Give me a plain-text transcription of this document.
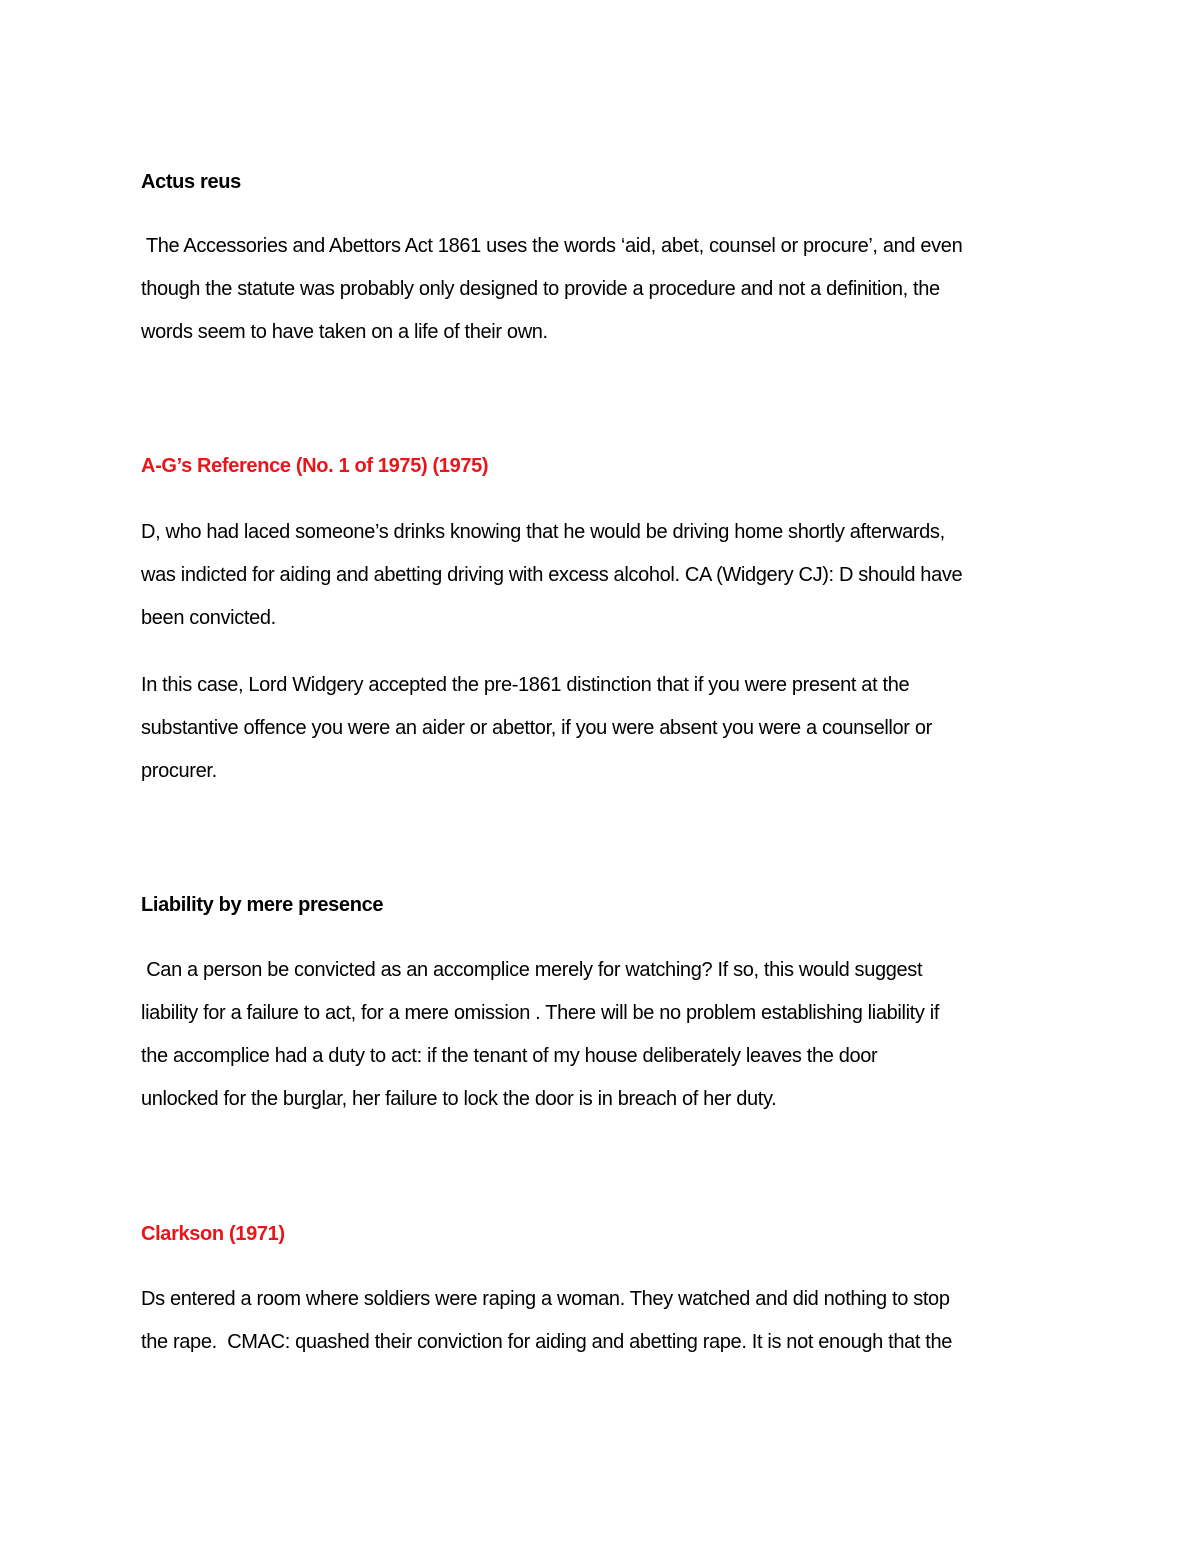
Actus reus
The Accessories and Abettors Act 1861 uses the words ‘aid, abet, counsel or procure’, and even
though the statute was probably only designed to provide a procedure and not a definition, the
words seem to have taken on a life of their own.
A-G’s Reference (No. 1 of 1975) (1975)
D, who had laced someone’s drinks knowing that he would be driving home shortly afterwards,
was indicted for aiding and abetting driving with excess alcohol. CA (Widgery CJ): D should have
been convicted.
In this case, Lord Widgery accepted the pre-1861 distinction that if you were present at the
substantive offence you were an aider or abettor, if you were absent you were a counsellor or
procurer.
Liability by mere presence
Can a person be convicted as an accomplice merely for watching? If so, this would suggest
liability for a failure to act, for a mere omission . There will be no problem establishing liability if
the accomplice had a duty to act: if the tenant of my house deliberately leaves the door
unlocked for the burglar, her failure to lock the door is in breach of her duty.
Clarkson (1971)
Ds entered a room where soldiers were raping a woman. They watched and did nothing to stop
the rape.  CMAC: quashed their conviction for aiding and abetting rape. It is not enough that the
